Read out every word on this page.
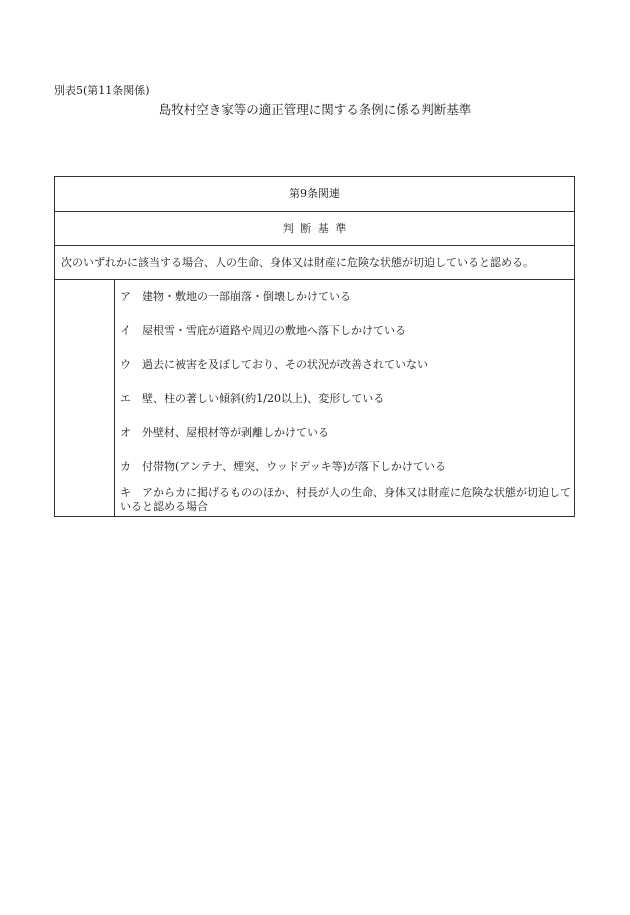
別表5(第11条関係)
島牧村空き家等の適正管理に関する条例に係る判断基準
第9条関連
判断基準
次のいずれかに該当する場合、人の生命、身体又は財産に危険な状態が切迫していると認める。
ア	建物・敷地の一部崩落・倒壊しかけている
イ	屋根雪・雪庇が道路や周辺の敷地へ落下しかけている
ウ	過去に被害を及ぼしており、その状況が改善されていない
エ	壁、柱の著しい傾斜(約1/20以上)、変形している
オ	外壁材、屋根材等が剥離しかけている
カ	付帯物(アンテナ、煙突、ウッドデッキ等)が落下しかけている
キ アからカに掲げるもののほか、村長が人の生命、身体又は財産に危険な状態が切迫していると認める場合
